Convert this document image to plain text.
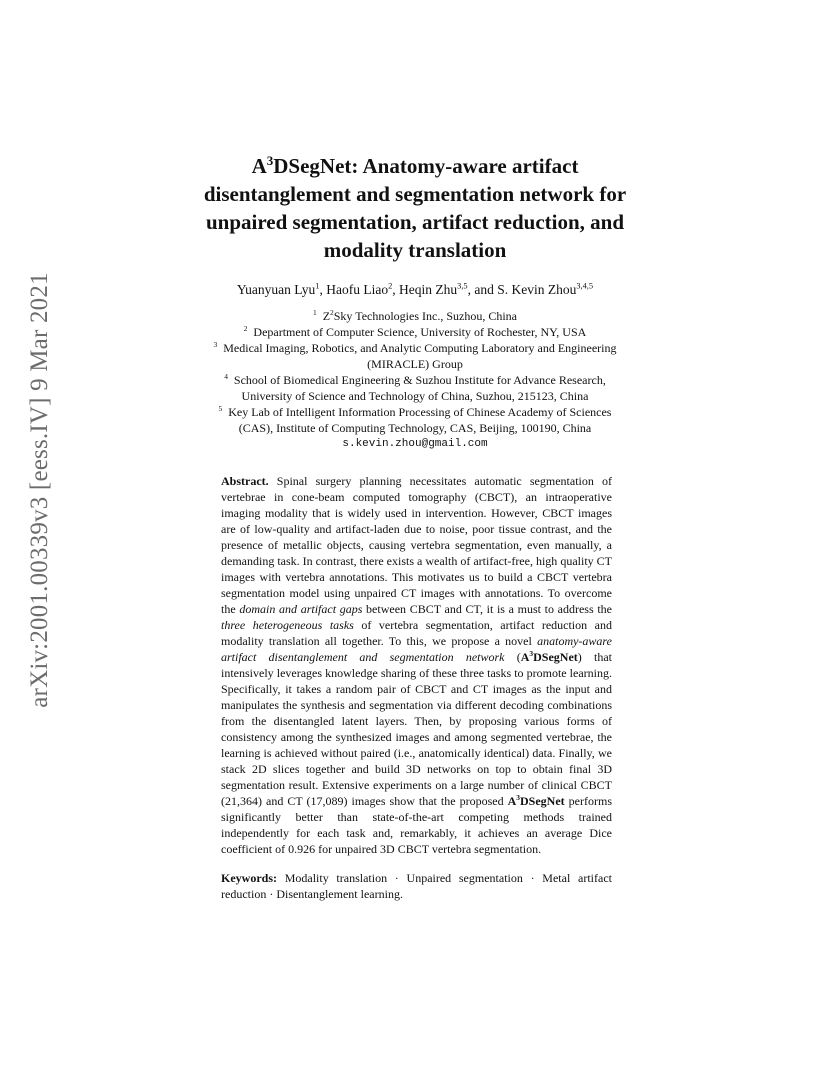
arXiv:2001.00339v3 [eess.IV] 9 Mar 2021
$A^3DSegNet$: Anatomy-aware artifact
disentanglement and segmentation network for
unpaired segmentation, artifact reduction, and
modality translation
Yuanyuan Lyu$^1$, Haofu Liao$^2$, Heqin Zhu$^{3,5}$, and S. Kevin Zhou$^{3,4,5}$
$^1$ $Z^2Sky$ Technologies Inc., Suzhou, China
$^2$ Department of Computer Science, University of Rochester, NY, USA
$^3$ Medical Imaging, Robotics, and Analytic Computing Laboratory and Engineering
(MIRACLE) Group
$^4$ School of Biomedical Engineering & Suzhou Institute for Advance Research,
University of Science and Technology of China, Suzhou, 215123, China
$^5$ Key Lab of Intelligent Information Processing of Chinese Academy of Sciences
(CAS), Institute of Computing Technology, CAS, Beijing, 100190, China
s.kevin.zhou@gmail.com

Abstract. Spinal surgery planning necessitates automatic segmentation of vertebrae in cone-beam computed tomography (CBCT), an intraoperative imaging modality that is widely used in intervention. However, CBCT images are of low-quality and artifact-laden due to noise, poor tissue contrast, and the presence of metallic objects, causing vertebra segmentation, even manually, a demanding task. In contrast, there exists a wealth of artifact-free, high quality CT images with vertebra annotations. This motivates us to build a CBCT vertebra segmentation model using unpaired CT images with annotations. To overcome the domain and artifact gaps between CBCT and CT, it is a must to address the three heterogeneous tasks of vertebra segmentation, artifact reduction and modality translation all together. To this, we propose a novel anatomy-aware artifact disentanglement and segmentation network $(A^3DSegNet)$ that intensively leverages knowledge sharing of these three tasks to promote learning. Specifically, it takes a random pair of CBCT and CT images as the input and manipulates the synthesis and segmentation via different decoding combinations from the disentangled latent layers. Then, by proposing various forms of consistency among the synthesized images and among segmented vertebrae, the learning is achieved without paired (i.e., anatomically identical) data. Finally, we stack 2D slices together and build 3D networks on top to obtain final 3D segmentation result. Extensive experiments on a large number of clinical CBCT (21,364) and CT (17,089) images show that the proposed $A^3DSegNet$ performs significantly better than state-of-the-art competing methods trained independently for each task and, remarkably, it achieves an average Dice coefficient of 0.926 for unpaired 3D CBCT vertebra segmentation.

Keywords: Modality translation · Unpaired segmentation · Metal artifact reduction · Disentanglement learning.
